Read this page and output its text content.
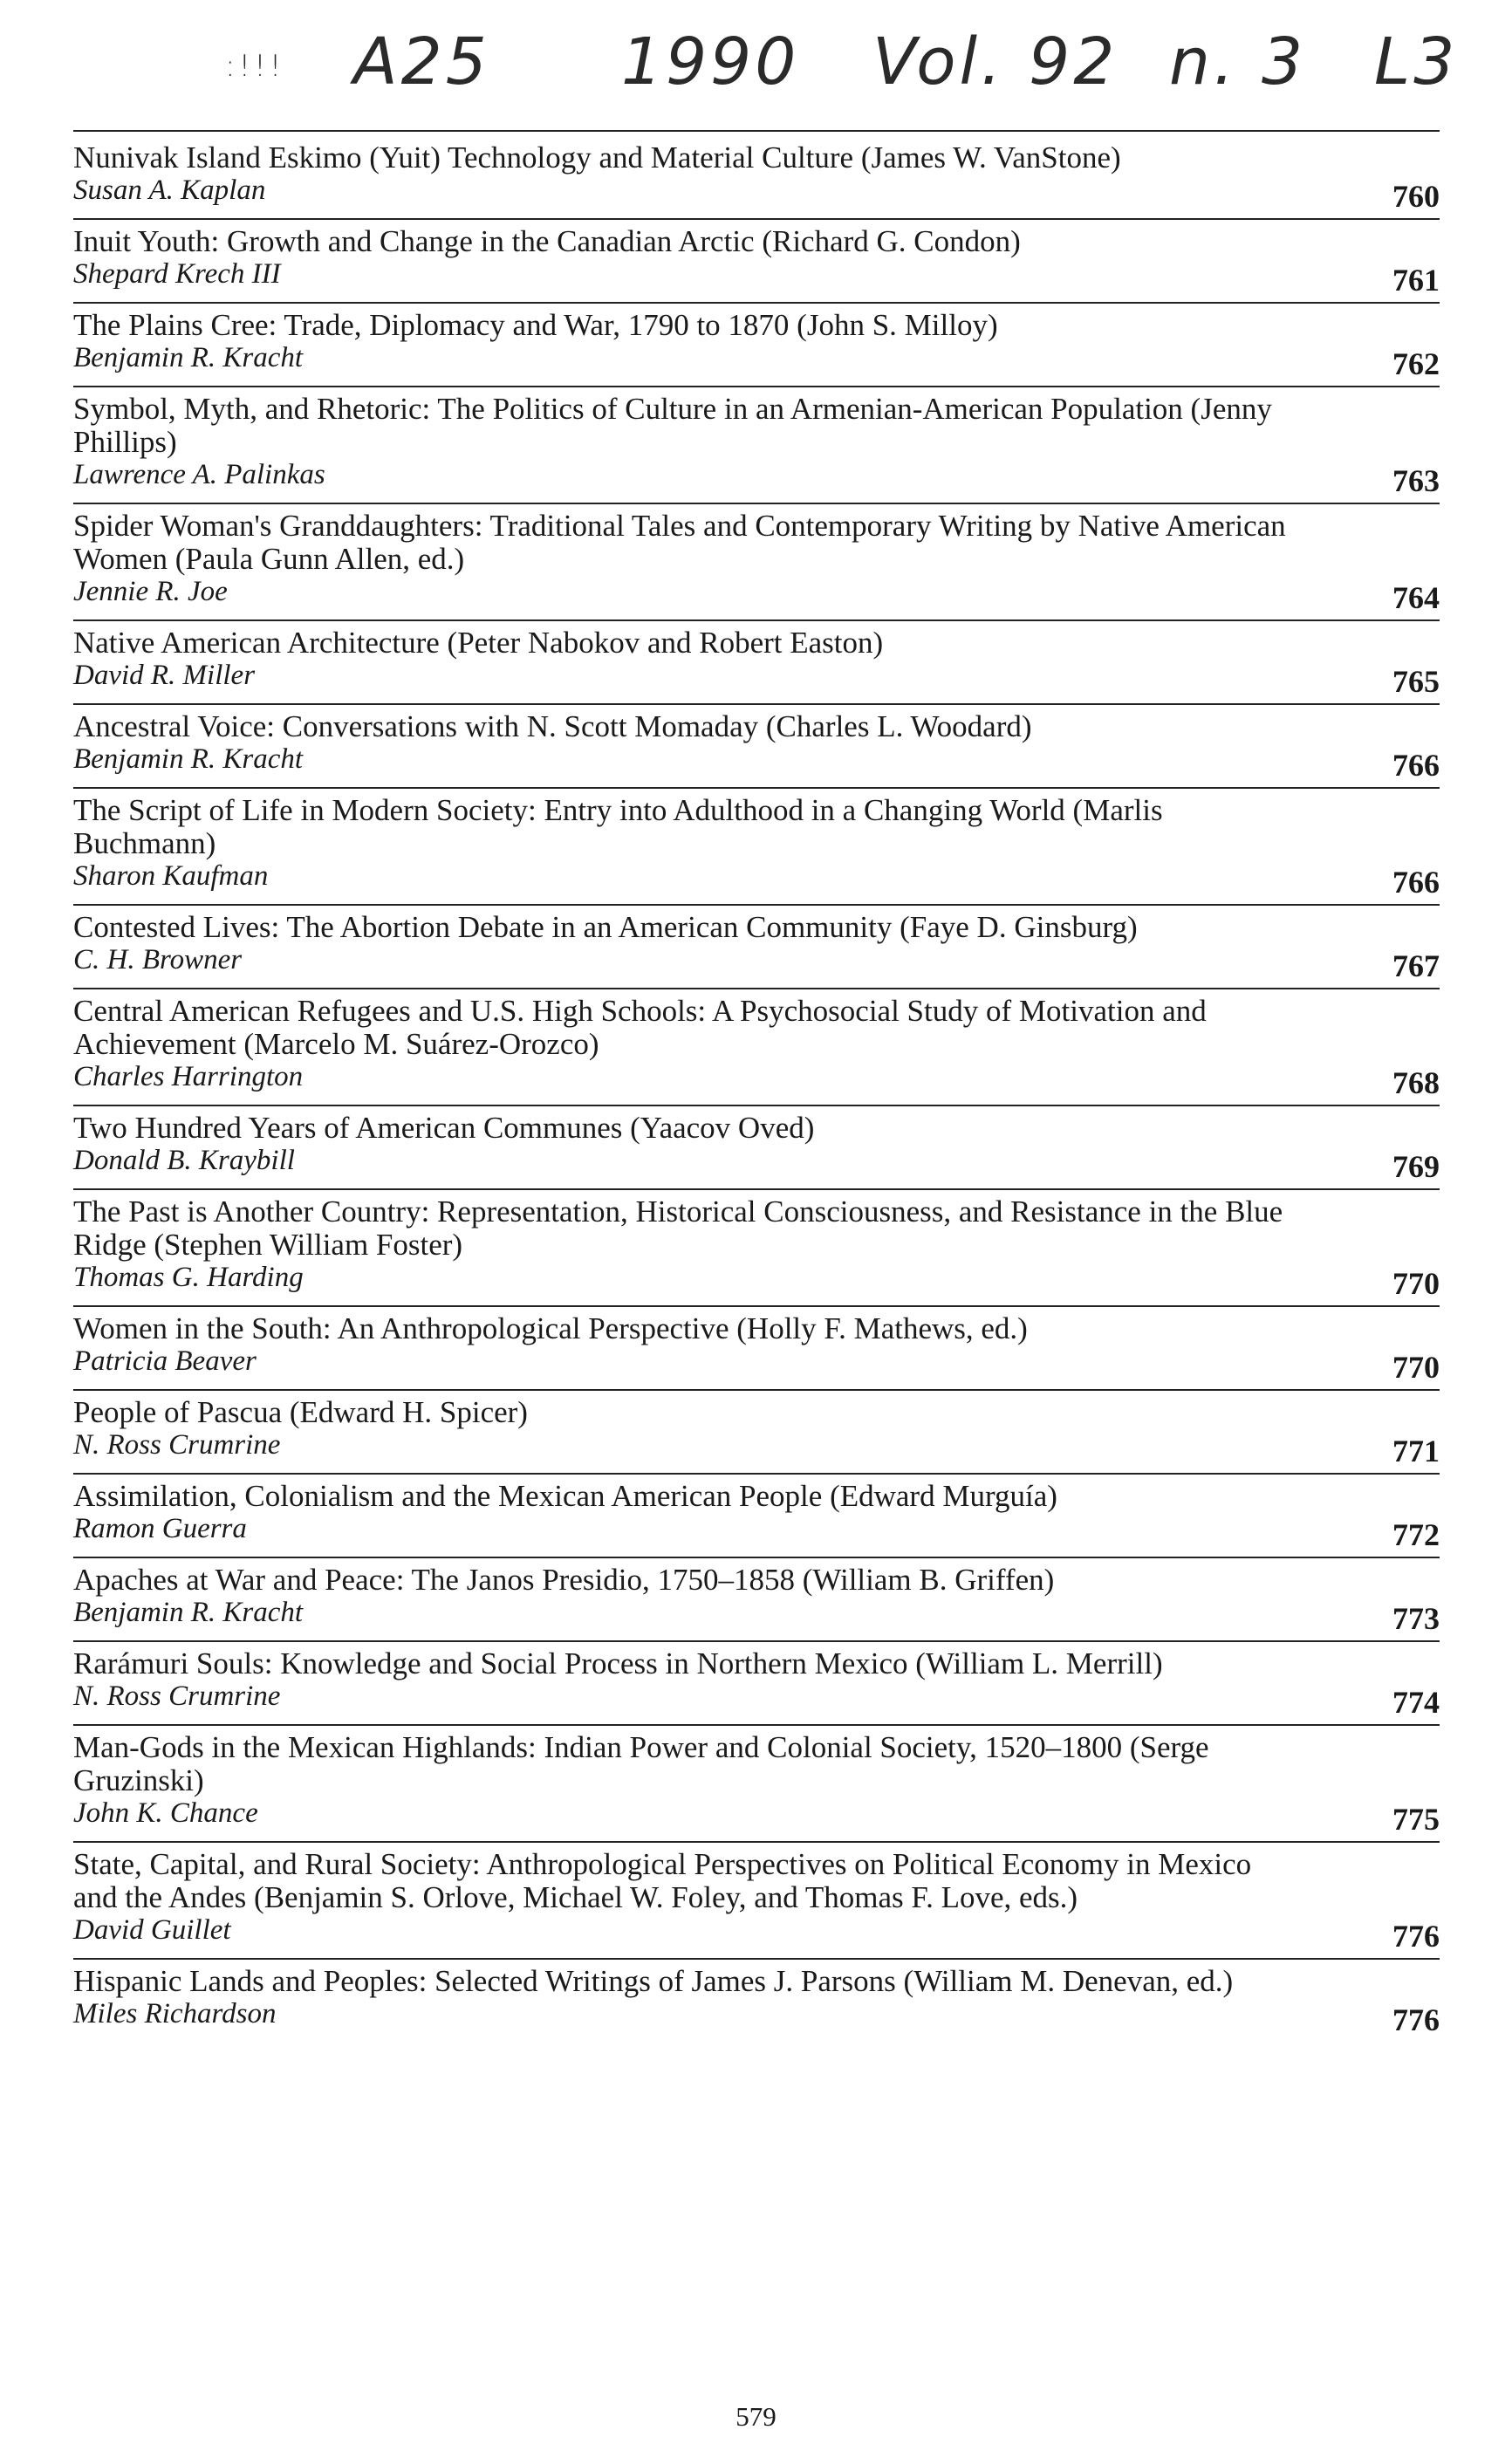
:!!! A25 1990 Vol. 92 n. 3 L3
Nunivak Island Eskimo (Yuit) Technology and Material Culture (James W. VanStone)
Susan A. Kaplan	760
Inuit Youth: Growth and Change in the Canadian Arctic (Richard G. Condon)
Shepard Krech III	761
The Plains Cree: Trade, Diplomacy and War, 1790 to 1870 (John S. Milloy)
Benjamin R. Kracht	762
Symbol, Myth, and Rhetoric: The Politics of Culture in an Armenian-American Population (Jenny Phillips)
Lawrence A. Palinkas	763
Spider Woman's Granddaughters: Traditional Tales and Contemporary Writing by Native American Women (Paula Gunn Allen, ed.)
Jennie R. Joe	764
Native American Architecture (Peter Nabokov and Robert Easton)
David R. Miller	765
Ancestral Voice: Conversations with N. Scott Momaday (Charles L. Woodard)
Benjamin R. Kracht	766
The Script of Life in Modern Society: Entry into Adulthood in a Changing World (Marlis Buchmann)
Sharon Kaufman	766
Contested Lives: The Abortion Debate in an American Community (Faye D. Ginsburg)
C. H. Browner	767
Central American Refugees and U.S. High Schools: A Psychosocial Study of Motivation and Achievement (Marcelo M. Suárez-Orozco)
Charles Harrington	768
Two Hundred Years of American Communes (Yaacov Oved)
Donald B. Kraybill	769
The Past is Another Country: Representation, Historical Consciousness, and Resistance in the Blue Ridge (Stephen William Foster)
Thomas G. Harding	770
Women in the South: An Anthropological Perspective (Holly F. Mathews, ed.)
Patricia Beaver	770
People of Pascua (Edward H. Spicer)
N. Ross Crumrine	771
Assimilation, Colonialism and the Mexican American People (Edward Murguía)
Ramon Guerra	772
Apaches at War and Peace: The Janos Presidio, 1750–1858 (William B. Griffen)
Benjamin R. Kracht	773
Rarámuri Souls: Knowledge and Social Process in Northern Mexico (William L. Merrill)
N. Ross Crumrine	774
Man-Gods in the Mexican Highlands: Indian Power and Colonial Society, 1520–1800 (Serge Gruzinski)
John K. Chance	775
State, Capital, and Rural Society: Anthropological Perspectives on Political Economy in Mexico and the Andes (Benjamin S. Orlove, Michael W. Foley, and Thomas F. Love, eds.)
David Guillet	776
Hispanic Lands and Peoples: Selected Writings of James J. Parsons (William M. Denevan, ed.)
Miles Richardson	776
579
